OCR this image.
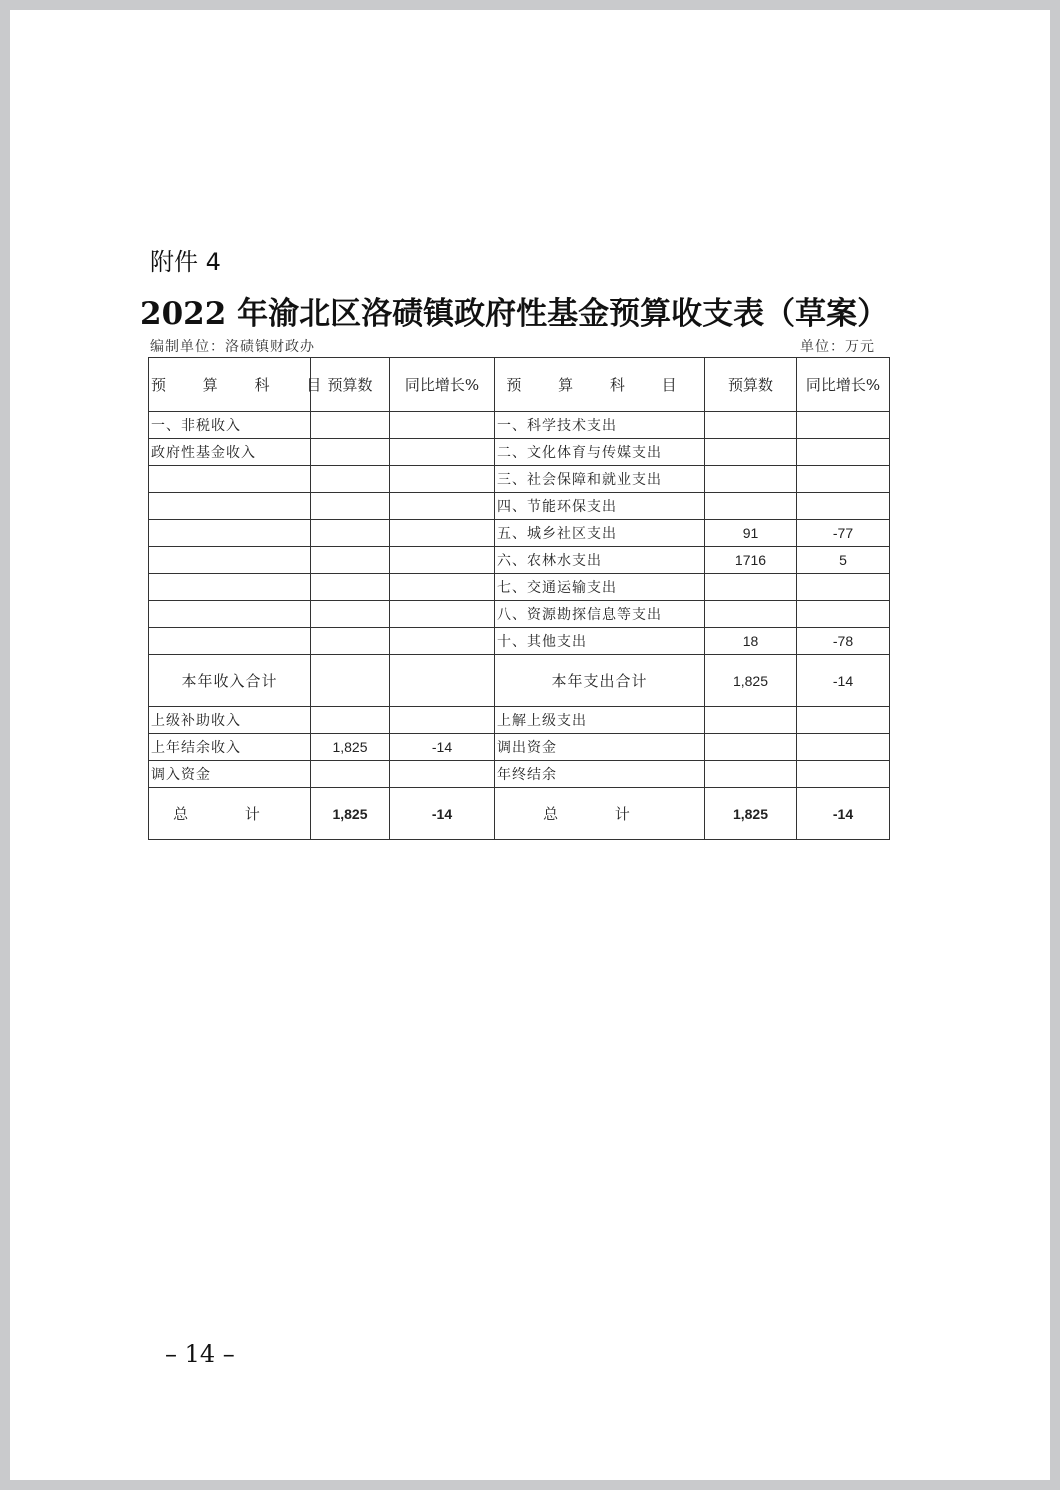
附件 4
2022 年渝北区洛碛镇政府性基金预算收支表（草案）
编制单位：洛碛镇财政办	单位：万元
预 算 科 目	预算数	同比增长%	预 算 科 目	预算数	同比增长%
一、非税收入			一、科学技术支出		
政府性基金收入			二、文化体育与传媒支出		
			三、社会保障和就业支出		
			四、节能环保支出		
			五、城乡社区支出	91	-77
			六、农林水支出	1716	5
			七、交通运输支出		
			八、资源勘探信息等支出		
			十、其他支出	18	-78
本年收入合计			本年支出合计	1,825	-14
上级补助收入			上解上级支出		
上年结余收入	1,825	-14	调出资金		
调入资金			年终结余		
总 计	1,825	-14	总 计	1,825	-14
– 14 –
